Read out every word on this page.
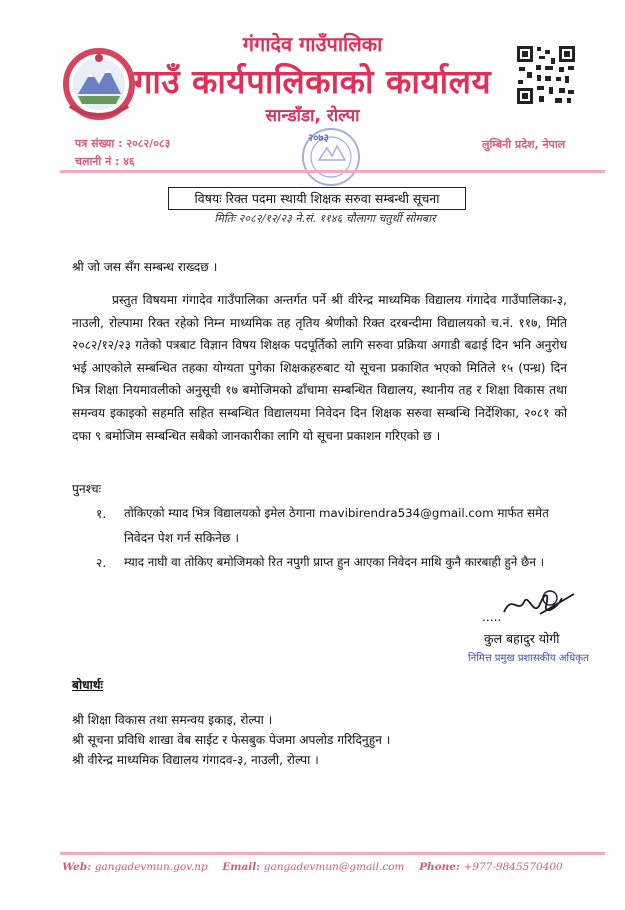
गंगादेव गाउँपालिका
गाउँ कार्यपालिकाको कार्यालय
सान्डाँडा, रोल्पा
पत्र संख्या : २०८२/०८३
चलानी नं : ४६
लुम्बिनी प्रदेश, नेपाल
२०७३
विषयः रिक्त पदमा स्थायी शिक्षक सरुवा सम्बन्धी सूचना
मितिः २०८२/१२/२३ ने.सं. ११४६ चौलागा चतुर्थी सोमबार
श्री जो जस सँग सम्बन्ध राख्दछ ।
प्रस्तुत विषयमा गंगादेव गाउँपालिका अन्तर्गत पर्ने श्री वीरेन्द्र माध्यमिक विद्यालय गंगादेव गाउँपालिका-३, नाउली, रोल्पामा रिक्त रहेको निम्न माध्यमिक तह तृतिय श्रेणीको रिक्त दरबन्दीमा विद्यालयको च.नं. ११७, मिति २०८२/१२/२३ गतेको पत्रबाट विज्ञान विषय शिक्षक पदपूर्तिको लागि सरुवा प्रक्रिया अगाडी बढाई दिन भनि अनुरोध भई आएकोले सम्बन्धित तहका योग्यता पुगेका शिक्षकहरुबाट यो सूचना प्रकाशित भएको मितिले १५ (पन्ध्र) दिन भित्र शिक्षा नियमावलीको अनुसूची १७ बमोजिमको ढाँचामा सम्बन्धित विद्यालय, स्थानीय तह र शिक्षा विकास तथा समन्वय इकाइको सहमति सहित सम्बन्धित विद्यालयमा निवेदन दिन शिक्षक सरुवा सम्बन्धि निर्देशिका, २०८१ को दफा ९ बमोजिम सम्बन्धित सबैको जानकारीका लागि यो सूचना प्रकाशन गरिएको छ ।
पुनश्चः
१. तोकिएको म्याद भित्र विद्यालयको इमेल ठेगाना mavibirendra534@gmail.com मार्फत समेत
निवेदन पेश गर्न सकिनेछ ।
२. म्याद नाघी वा तोकिए बमोजिमको रित नपुगी प्राप्त हुन आएका निवेदन माथि कुनै कारबाही हुने छैन ।
.....
कुल बहादुर योगी
निमित्त प्रमुख प्रशासकीय अधिकृत
बोधार्थः
श्री शिक्षा विकास तथा समन्वय इकाइ, रोल्पा ।
श्री सूचना प्रविधि शाखा वेब साईट र फेसबुक पेजमा अपलोड गरिदिनुहुन ।
श्री वीरेन्द्र माध्यमिक विद्यालय गंगादव-३, नाउली, रोल्पा ।
Web: gangadevmun.gov.np Email: gangadevmun@gmail.com Phone: +977-9845570400
